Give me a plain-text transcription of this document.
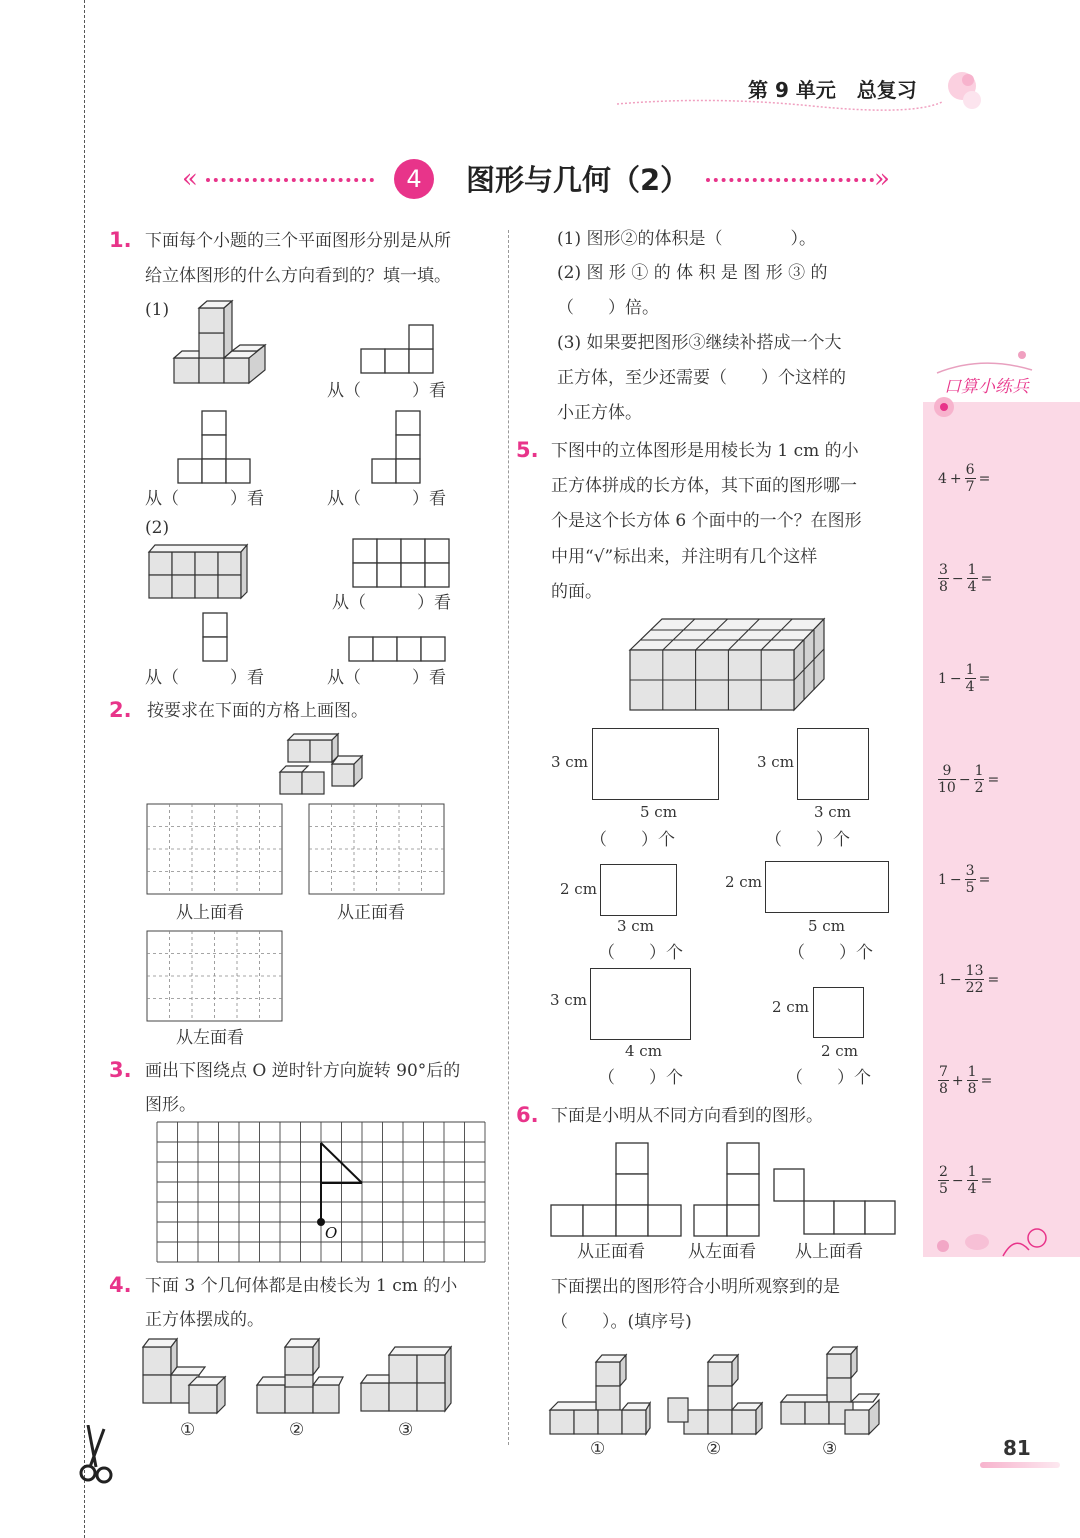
第 9 单元 总复习
«	4	图形与几何（2）	»
1. 下面每个小题的三个平面图形分别是从所
给立体图形的什么方向看到的？填一填。
(1)
从（　　　）看
从（　　　）看	从（　　　）看
(2)
从（　　　）看
从（　　　）看	从（　　　）看
2. 按要求在下面的方格上画图。
从上面看	从正面看
从左面看
3. 画出下图绕点 O 逆时针方向旋转 90°后的
图形。
O
4. 下面 3 个几何体都是由棱长为 1 cm 的小
正方体摆成的。
①	②	③
(1) 图形②的体积是（　　　　）。
(2) 图 形 ① 的 体 积 是 图 形 ③ 的
（　　）倍。
(3) 如果要把图形③继续补搭成一个大
正方体，至少还需要（　　）个这样的
小正方体。
5. 下图中的立体图形是用棱长为 1 cm 的小
正方体拼成的长方体，其下面的图形哪一
个是这个长方体 6 个面中的一个？在图形
中用“√”标出来，并注明有几个这样
的面。
3 cm
5 cm
3 cm
3 cm
（　　）个	（　　）个
2 cm
3 cm
2 cm
5 cm
（　　）个	（　　）个
3 cm
4 cm
2 cm
2 cm
（　　）个	（　　）个
6. 下面是小明从不同方向看到的图形。
从正面看	从左面看 从上面看
下面摆出的图形符合小明所观察到的是
（　　）。(填序号)
①	②	③
口算小练兵
$4 + \frac{6}{7}$ =
$\frac{3}{8} - \frac{1}{4}$ =
$1 - \frac{1}{4}$ =
$\frac{9}{10} - \frac{1}{2}$ =
$1 - \frac{3}{5}$ =
$1 - \frac{13}{22}$ =
$\frac{7}{8} + \frac{1}{8}$ =
$\frac{2}{5} - \frac{1}{4}$ =
81
